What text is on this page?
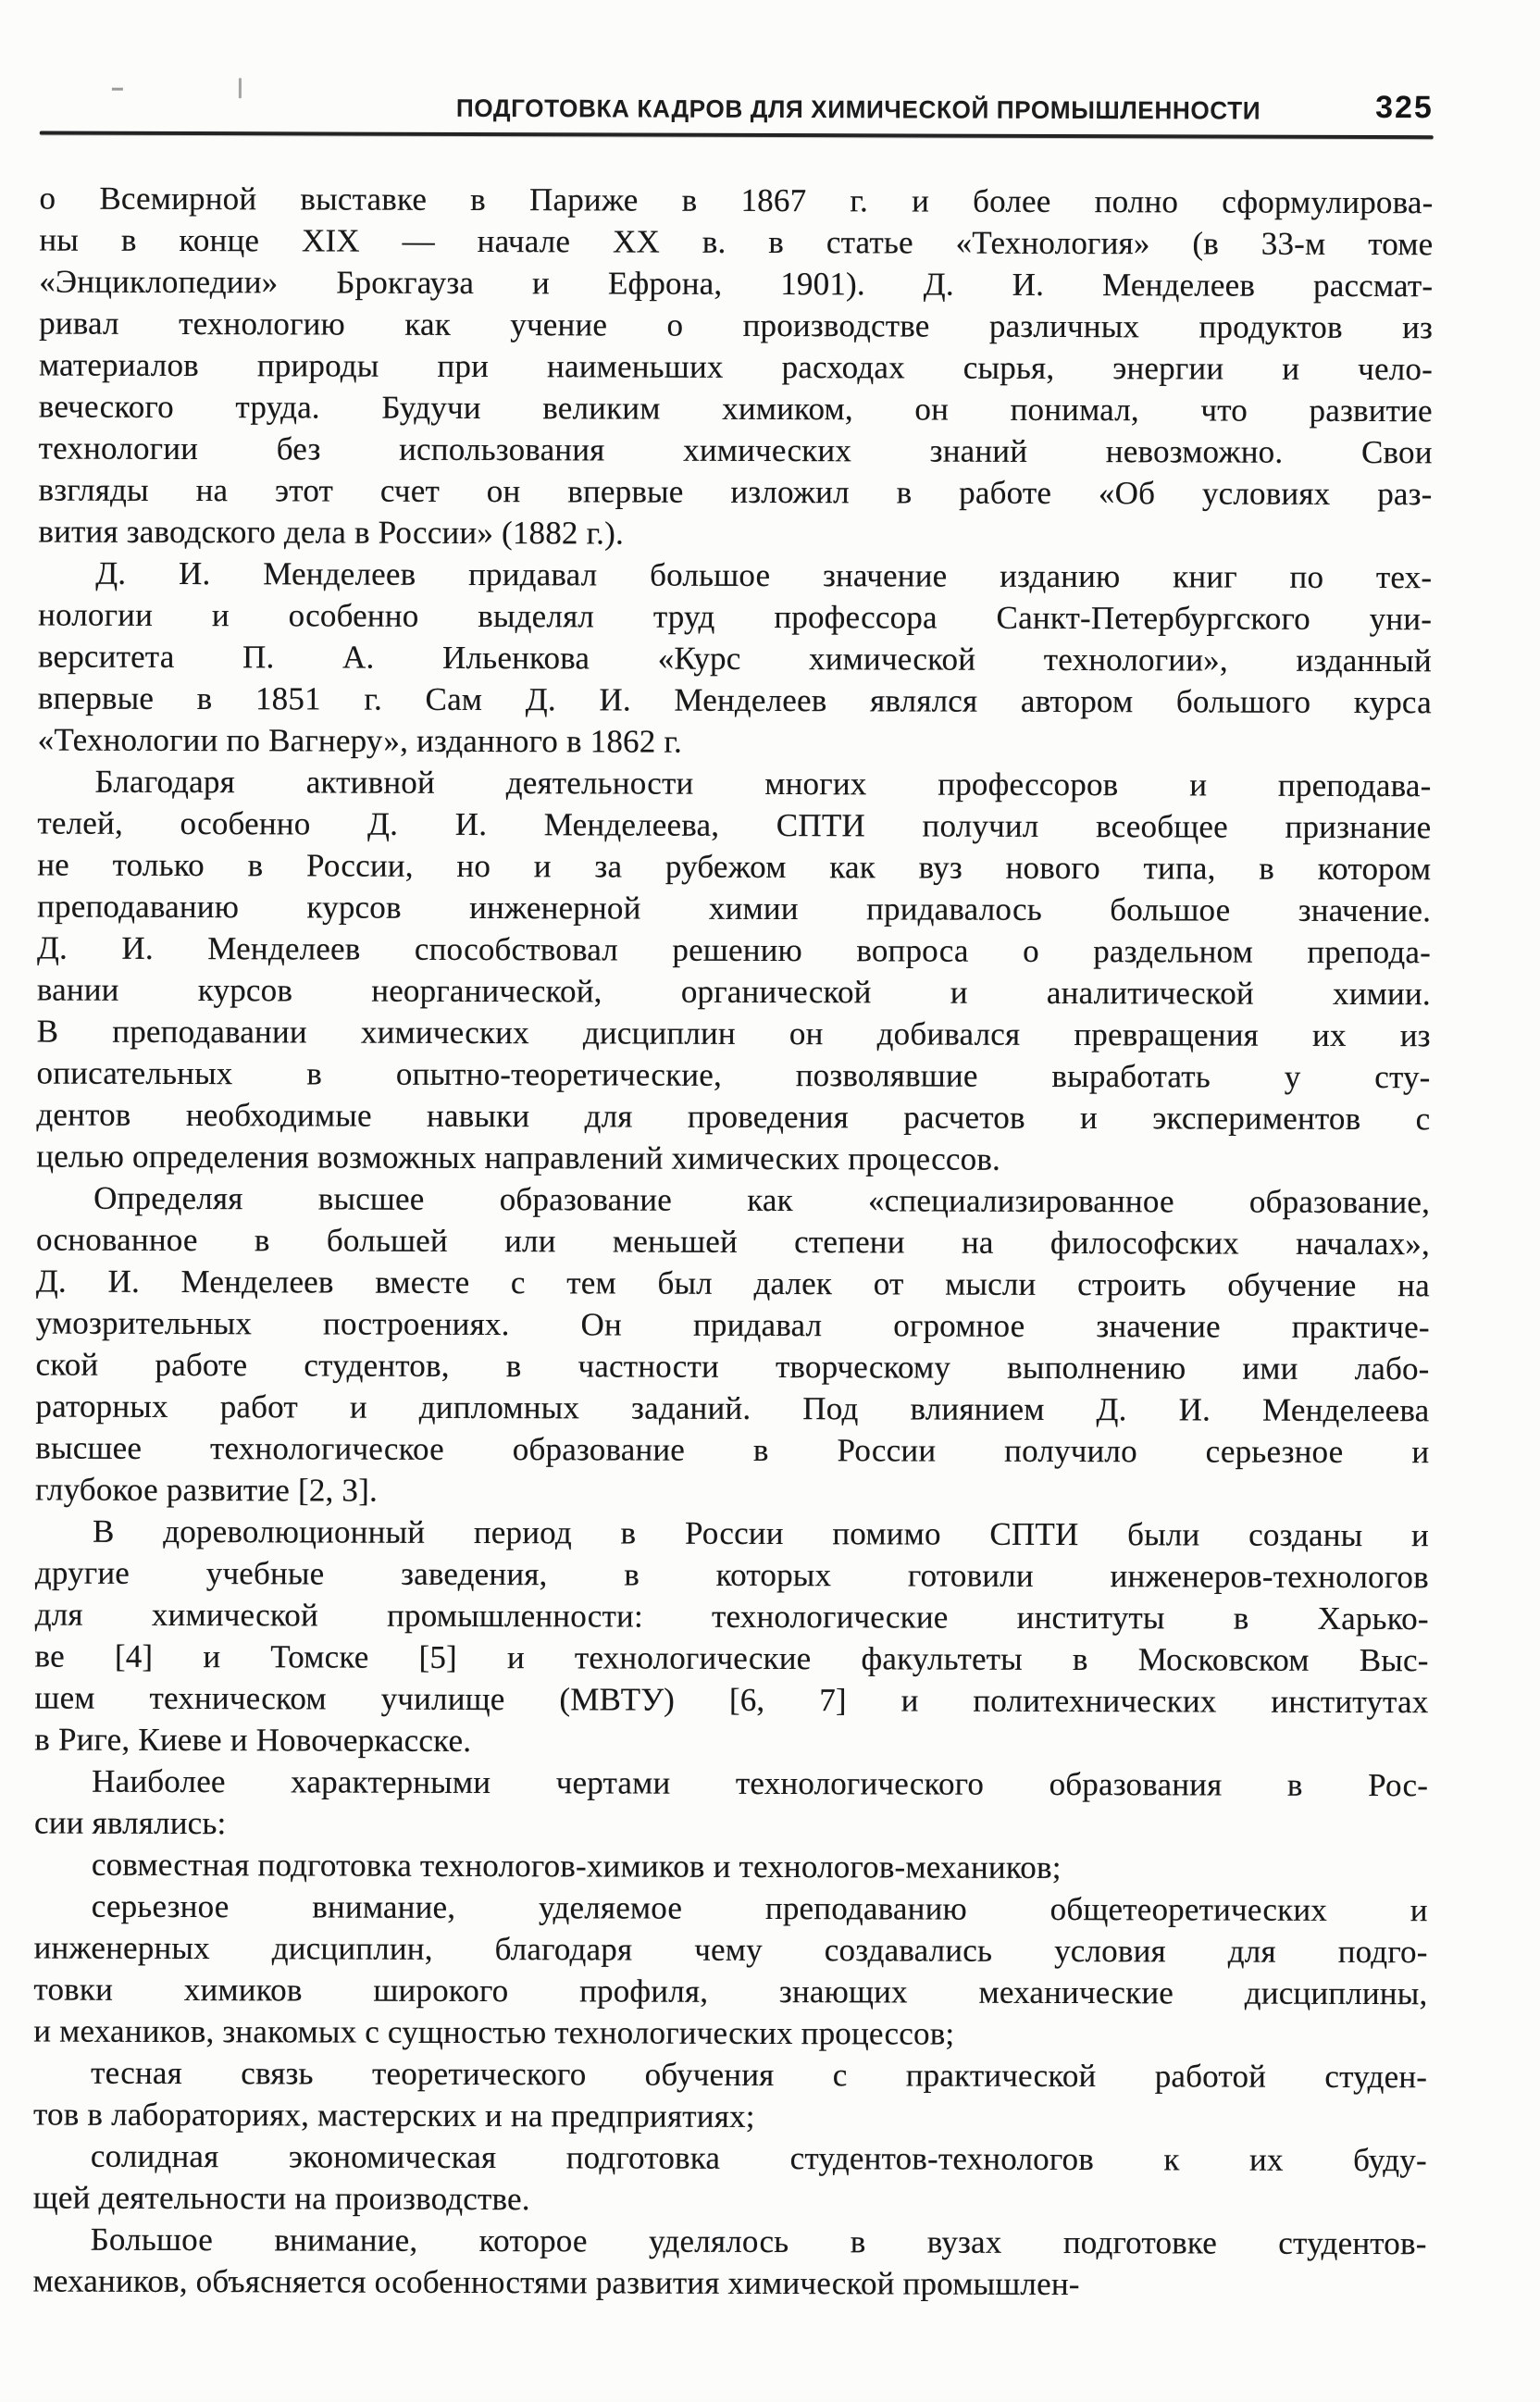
ПОДГОТОВКА КАДРОВ ДЛЯ ХИМИЧЕСКОЙ ПРОМЫШЛЕННОСТИ	325
о Всемирной выставке в Париже в 1867 г. и более полно сформулирова-
ны в конце XIX — начале XX в. в статье «Технология» (в 33-м томе
«Энциклопедии» Брокгауза и Ефрона, 1901). Д. И. Менделеев рассмат-
ривал технологию как учение о производстве различных продуктов из
материалов природы при наименьших расходах сырья, энергии и чело-
веческого труда. Будучи великим химиком, он понимал, что развитие
технологии без использования химических знаний невозможно. Свои
взгляды на этот счет он впервые изложил в работе «Об условиях раз-
вития заводского дела в России» (1882 г.).
Д. И. Менделеев придавал большое значение изданию книг по тех-
нологии и особенно выделял труд профессора Санкт-Петербургского уни-
верситета П. А. Ильенкова «Курс химической технологии», изданный
впервые в 1851 г. Сам Д. И. Менделеев являлся автором большого курса
«Технологии по Вагнеру», изданного в 1862 г.
Благодаря активной деятельности многих профессоров и преподава-
телей, особенно Д. И. Менделеева, СПТИ получил всеобщее признание
не только в России, но и за рубежом как вуз нового типа, в котором
преподаванию курсов инженерной химии придавалось большое значение.
Д. И. Менделеев способствовал решению вопроса о раздельном препода-
вании курсов неорганической, органической и аналитической химии.
В преподавании химических дисциплин он добивался превращения их из
описательных в опытно-теоретические, позволявшие выработать у сту-
дентов необходимые навыки для проведения расчетов и экспериментов с
целью определения возможных направлений химических процессов.
Определяя высшее образование как «специализированное образование,
основанное в большей или меньшей степени на философских началах»,
Д. И. Менделеев вместе с тем был далек от мысли строить обучение на
умозрительных построениях. Он придавал огромное значение практиче-
ской работе студентов, в частности творческому выполнению ими лабо-
раторных работ и дипломных заданий. Под влиянием Д. И. Менделеева
высшее технологическое образование в России получило серьезное и
глубокое развитие [2, 3].
В дореволюционный период в России помимо СПТИ были созданы и
другие учебные заведения, в которых готовили инженеров-технологов
для химической промышленности: технологические институты в Харько-
ве [4] и Томске [5] и технологические факультеты в Московском Выс-
шем техническом училище (МВТУ) [6, 7] и политехнических институтах
в Риге, Киеве и Новочеркасске.
Наиболее характерными чертами технологического образования в Рос-
сии являлись:
совместная подготовка технологов-химиков и технологов-механиков;
серьезное внимание, уделяемое преподаванию общетеоретических и
инженерных дисциплин, благодаря чему создавались условия для подго-
товки химиков широкого профиля, знающих механические дисциплины,
и механиков, знакомых с сущностью технологических процессов;
тесная связь теоретического обучения с практической работой студен-
тов в лабораториях, мастерских и на предприятиях;
солидная экономическая подготовка студентов-технологов к их буду-
щей деятельности на производстве.
Большое внимание, которое уделялось в вузах подготовке студентов-
механиков, объясняется особенностями развития химической промышлен-
